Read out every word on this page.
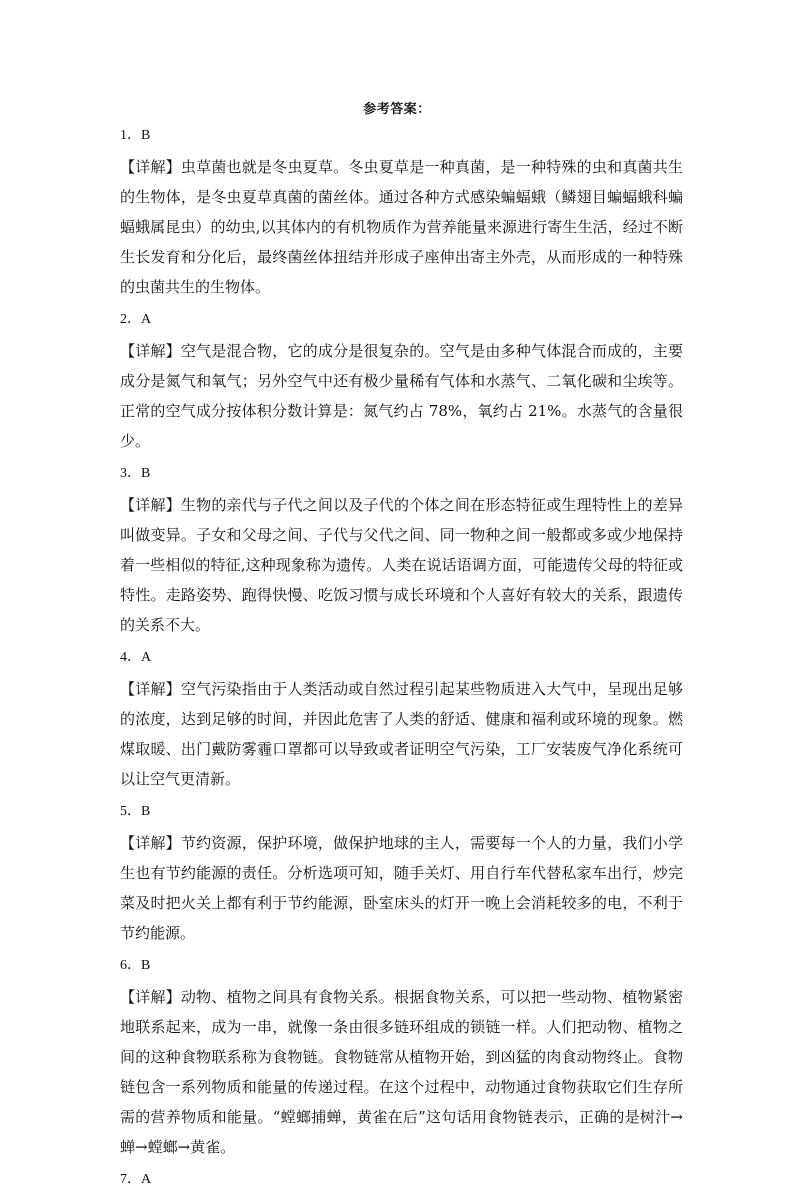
参考答案：
1．B
【详解】虫草菌也就是冬虫夏草。冬虫夏草是一种真菌，是一种特殊的虫和真菌共生的生物体，是冬虫夏草真菌的菌丝体。通过各种方式感染蝙蝠蛾（鳞翅目蝙蝠蛾科蝙蝠蛾属昆虫）的幼虫,以其体内的有机物质作为营养能量来源进行寄生生活，经过不断生长发育和分化后，最终菌丝体扭结并形成子座伸出寄主外壳，从而形成的一种特殊的虫菌共生的生物体。
2．A
【详解】空气是混合物，它的成分是很复杂的。空气是由多种气体混合而成的，主要成分是氮气和氧气；另外空气中还有极少量稀有气体和水蒸气、二氧化碳和尘埃等。正常的空气成分按体积分数计算是：氮气约占 78%，氧约占 21%。水蒸气的含量很少。
3．B
【详解】生物的亲代与子代之间以及子代的个体之间在形态特征或生理特性上的差异叫做变异。子女和父母之间、子代与父代之间、同一物种之间一般都或多或少地保持着一些相似的特征,这种现象称为遗传。人类在说话语调方面，可能遗传父母的特征或特性。走路姿势、跑得快慢、吃饭习惯与成长环境和个人喜好有较大的关系，跟遗传的关系不大。
4．A
【详解】空气污染指由于人类活动或自然过程引起某些物质进入大气中，呈现出足够的浓度，达到足够的时间，并因此危害了人类的舒适、健康和福利或环境的现象。燃煤取暖、出门戴防雾霾口罩都可以导致或者证明空气污染，工厂安装废气净化系统可以让空气更清新。
5．B
【详解】节约资源，保护环境，做保护地球的主人，需要每一个人的力量，我们小学生也有节约能源的责任。分析选项可知，随手关灯、用自行车代替私家车出行，炒完菜及时把火关上都有利于节约能源，卧室床头的灯开一晚上会消耗较多的电，不利于节约能源。
6．B
【详解】动物、植物之间具有食物关系。根据食物关系，可以把一些动物、植物紧密地联系起来，成为一串，就像一条由很多链环组成的锁链一样。人们把动物、植物之间的这种食物联系称为食物链。食物链常从植物开始，到凶猛的肉食动物终止。食物链包含一系列物质和能量的传递过程。在这个过程中，动物通过食物获取它们生存所需的营养物质和能量。“螳螂捕蝉，黄雀在后”这句话用食物链表示，正确的是树汁→蝉→螳螂→黄雀。
7．A
